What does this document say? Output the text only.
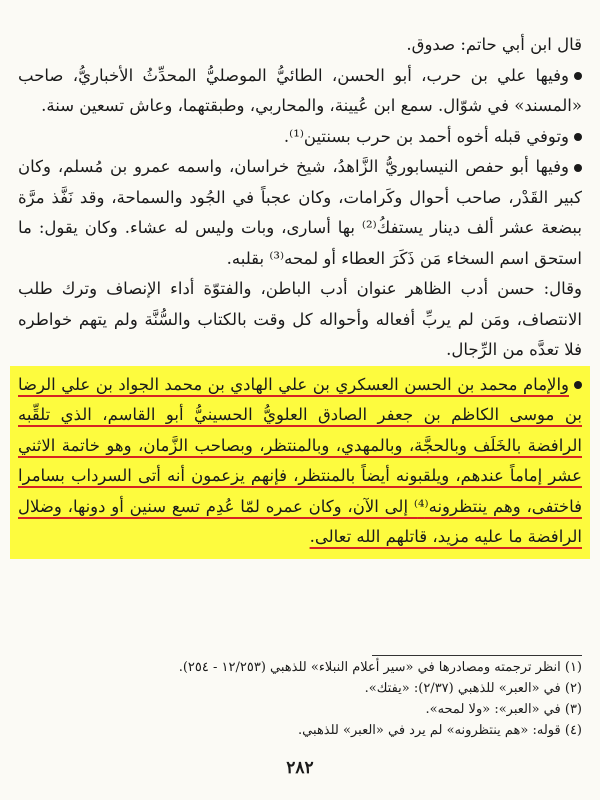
قال ابن أبي حاتم: صدوق.

وفيها علي بن حرب، أبو الحسن، الطائيُّ الموصليُّ المحدِّثُ الأخباريُّ، صاحب «المسند» في شوّال. سمع ابن عُيينة، والمحاربي، وطبقتهما، وعاش تسعين سنة.

وتوفي قبله أخوه أحمد بن حرب بسنتين⁽¹⁾.

وفيها أبو حفص النيسابوريُّ الزَّاهدُ، شيخ خراسان، واسمه عمرو بن مُسلم، وكان كبير القَدْر، صاحب أحوال وكَرامات، وكان عجباً في الجُود والسماحة، وقد نَفَّذ مرَّة ببضعة عشر ألف دينار يستفكُ⁽²⁾ بها أسارى، وبات وليس له عشاء. وكان يقول: ما استحق اسم السخاء مَن ذَكَرَ العطاء أو لمحه⁽³⁾ بقلبه.

وقال: حسن أدب الظاهر عنوان أدب الباطن، والفتوّة أداء الإنصاف وترك طلب الانتصاف، ومَن لم يربِّ أفعاله وأحواله كل وقت بالكتاب والسُّنَّة ولم يتهم خواطره فلا تعدَّه من الرِّجال.

والإمام محمد بن الحسن العسكري بن علي الهادي بن محمد الجواد بن علي الرضا بن موسى الكاظم بن جعفر الصادق العلويُّ الحسينيُّ أبو القاسم، الذي تلقِّبه الرافضة بالخَلَف وبالحجَّة، وبالمهدي، وبالمنتظر، وبصاحب الزَّمان، وهو خاتمة الاثني عشر إماماً عندهم، ويلقبونه أيضاً بالمنتظر، فإنهم يزعمون أنه أتى السرداب بسامرا فاختفى، وهم ينتظرونه⁽⁴⁾ إلى الآن، وكان عمره لمّا عُدِم تسع سنين أو دونها، وضلال الرافضة ما عليه مزيد، قاتلهم الله تعالى.

(١) انظر ترجمته ومصادرها في «سير أعلام النبلاء» للذهبي (١٢/٢٥٣ - ٢٥٤).
(٢) في «العبر» للذهبي (٢/٣٧): «يفتك».
(٣) في «العبر»: «ولا لمحه».
(٤) قوله: «هم ينتظرونه» لم يرد في «العبر» للذهبي.
٢٨٢
